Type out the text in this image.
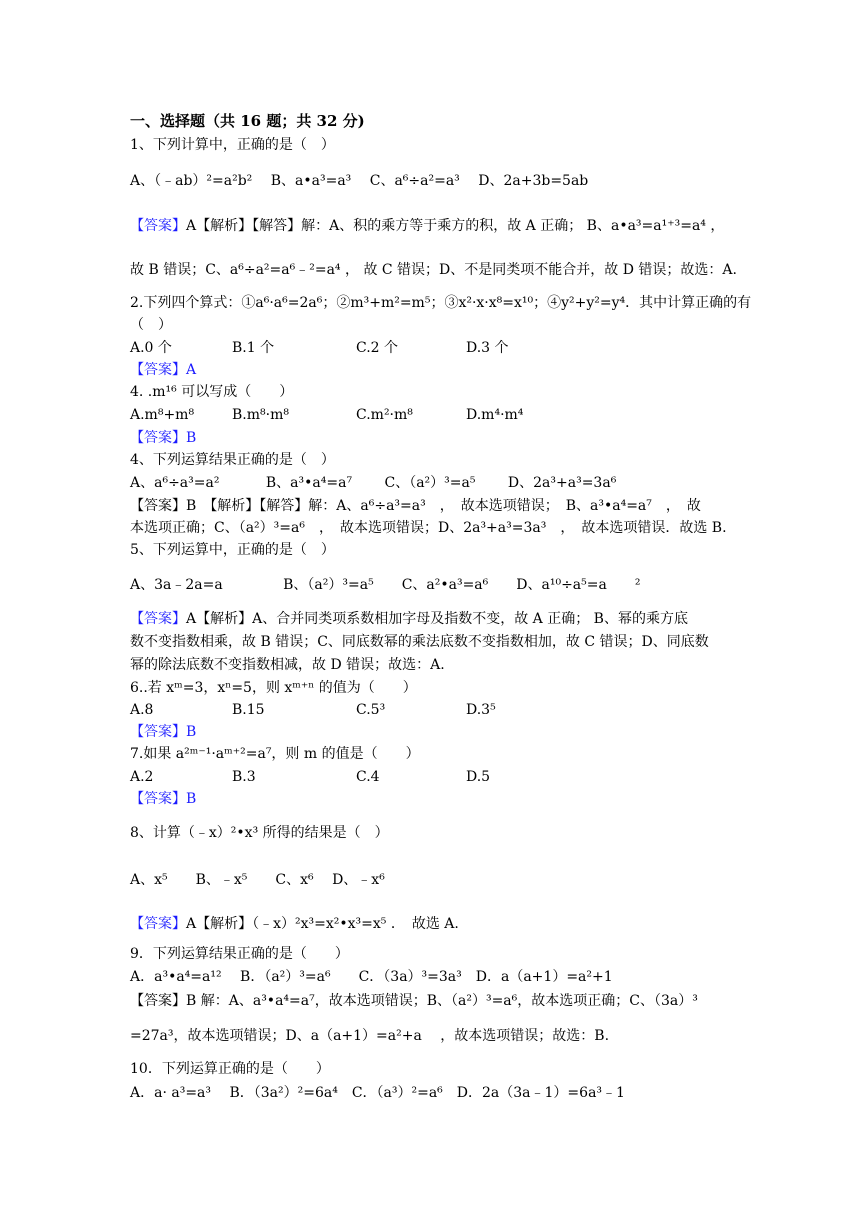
一、选择题（共 16 题；共 32 分)
1、下列计算中，正确的是（　）
A、（﹣ab）²=a²b²　 B、a•a³=a³　 C、a⁶÷a²=a³　 D、2a+3b=5ab
【答案】A【解析】【解答】解：A、积的乘方等于乘方的积，故 A 正确； B、a•a³=a¹⁺³=a⁴ ，
故 B 错误；C、a⁶÷a²=a⁶﹣²=a⁴ ， 故 C 错误；D、不是同类项不能合并，故 D 错误；故选：A.
2.下列四个算式：①a⁶·a⁶=2a⁶；②m³+m²=m⁵；③x²·x·x⁸=x¹⁰；④y²+y²=y⁴．其中计算正确的有
（　）
A.0 个	B.1 个	C.2 个	D.3 个
【答案】A
4. .m¹⁶ 可以写成（　　）
A.m⁸+m⁸	B.m⁸·m⁸	C.m²·m⁸	D.m⁴·m⁴
【答案】B
4、下列运算结果正确的是（　）
A、a⁶÷a³=a²　　　 B、a³•a⁴=a⁷　　 C、（a²）³=a⁵　　 D、2a³+a³=3a⁶
【答案】B　【解析】【解答】解：A、a⁶÷a³=a³　，　故本选项错误；　B、a³•a⁴=a⁷　，　故
本选项正确；C、（a²）³=a⁶　，　故本选项错误；D、2a³+a³=3a³　，　故本选项错误．故选 B.
5、下列运算中，正确的是（　）
A、3a﹣2a=a　　　　 B、（a²）³=a⁵　　C、a²•a³=a⁶　　D、a¹⁰÷a⁵=a　　²
【答案】A【解析】A、合并同类项系数相加字母及指数不变，故 A 正确； B、幂的乘方底
数不变指数相乘，故 B 错误；C、同底数幂的乘法底数不变指数相加，故 C 错误；D、同底数
幂的除法底数不变指数相减，故 D 错误；故选：A.
6..若 xᵐ=3，xⁿ=5，则 xᵐ⁺ⁿ 的值为（　　）
A.8	B.15	C.5³	D.3⁵
【答案】B
7.如果 a²ᵐ⁻¹·aᵐ⁺²=a⁷，则 m 的值是（　　）
A.2	B.3	C.4	D.5
【答案】B
8、计算（﹣x）²•x³ 所得的结果是（　）
A、x⁵　　B、﹣x⁵　　C、x⁶　 D、﹣x⁶
【答案】A【解析】（﹣x）²x³=x²•x³=x⁵ ．　故选 A.
9．下列运算结果正确的是（　　）
A．a³•a⁴=a¹²　 B．（a²）³=a⁶　　C．（3a）³=3a³　D．a（a+1）=a²+1
【答案】B 解：A、a³•a⁴=a⁷，故本选项错误；B、（a²）³=a⁶，故本选项正确；C、（3a）³
=27a³，故本选项错误；D、a（a+1）=a²+a　 ，故本选项错误；故选：B.
10．下列运算正确的是（　　）
A．a· a³=a³　 B．（3a²）²=6a⁴　C．（a³）²=a⁶　D．2a（3a﹣1）=6a³﹣1
